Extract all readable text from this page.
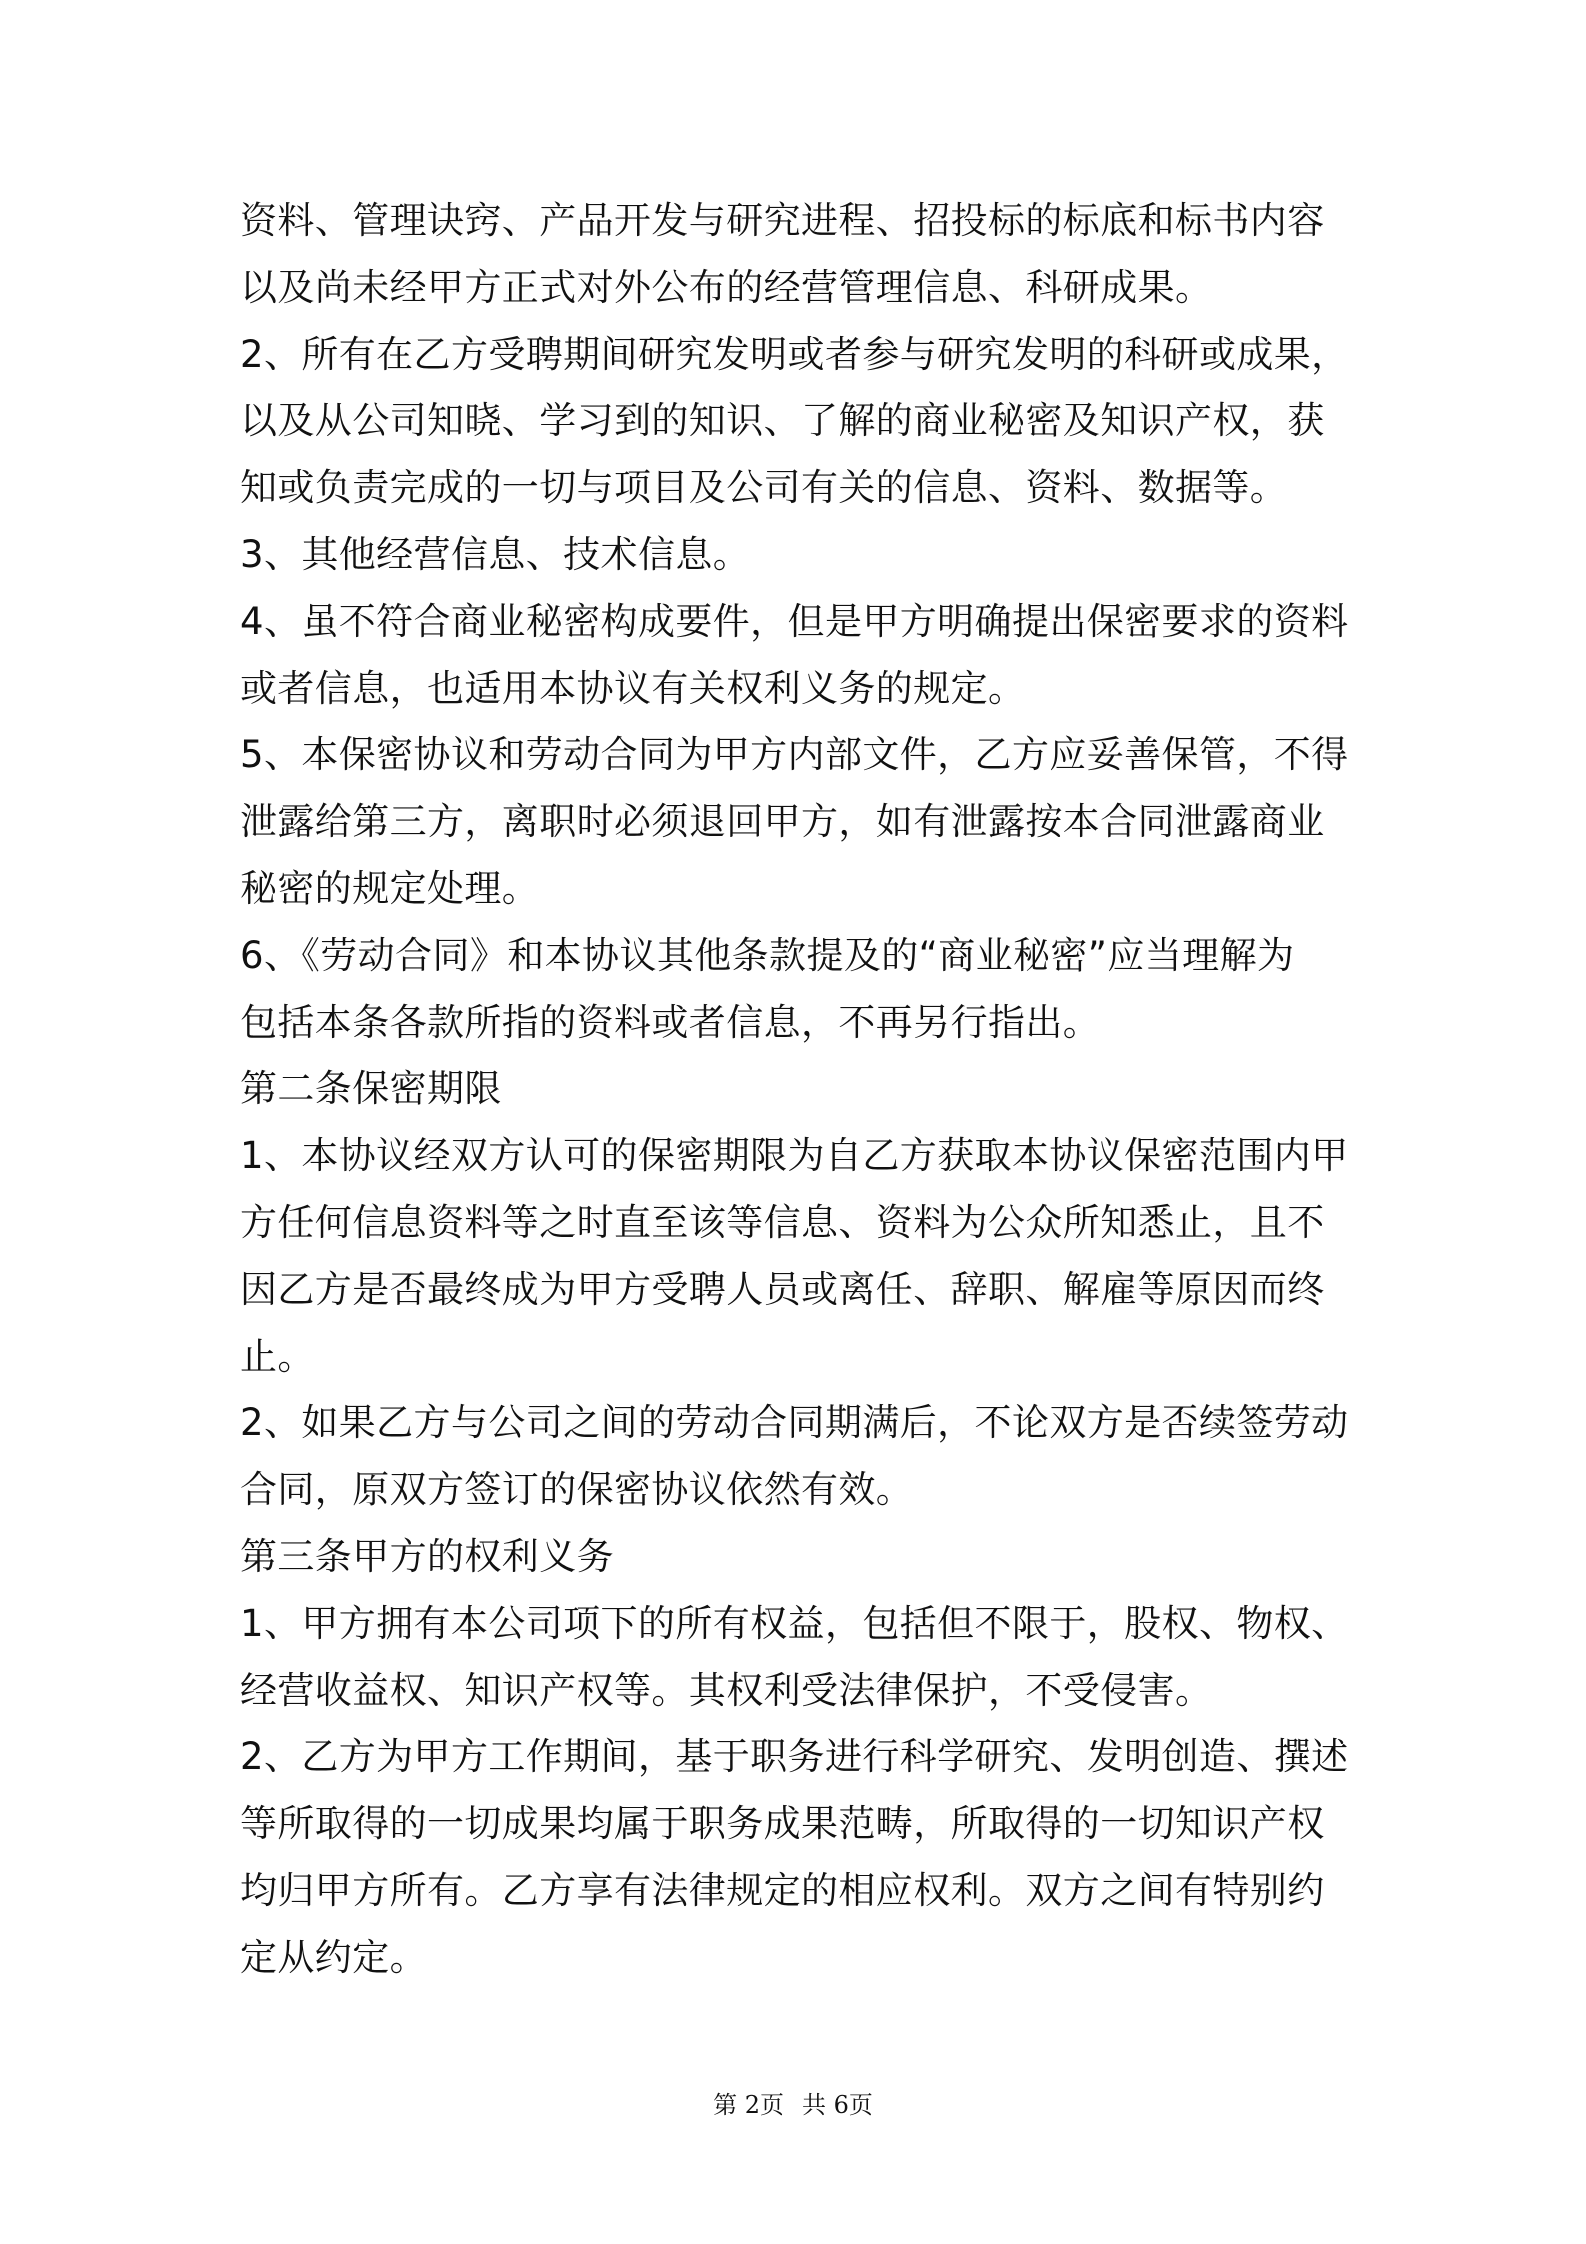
资料、管理诀窍、产品开发与研究进程、招投标的标底和标书内容
以及尚未经甲方正式对外公布的经营管理信息、科研成果。
2、所有在乙方受聘期间研究发明或者参与研究发明的科研或成果，
以及从公司知晓、学习到的知识、了解的商业秘密及知识产权，获
知或负责完成的一切与项目及公司有关的信息、资料、数据等。
3、其他经营信息、技术信息。
4、虽不符合商业秘密构成要件，但是甲方明确提出保密要求的资料
或者信息，也适用本协议有关权利义务的规定。
5、本保密协议和劳动合同为甲方内部文件，乙方应妥善保管，不得
泄露给第三方，离职时必须退回甲方，如有泄露按本合同泄露商业
秘密的规定处理。
6、《劳动合同》和本协议其他条款提及的“商业秘密”应当理解为
包括本条各款所指的资料或者信息，不再另行指出。
第二条保密期限
1、本协议经双方认可的保密期限为自乙方获取本协议保密范围内甲
方任何信息资料等之时直至该等信息、资料为公众所知悉止，且不
因乙方是否最终成为甲方受聘人员或离任、辞职、解雇等原因而终
止。
2、如果乙方与公司之间的劳动合同期满后，不论双方是否续签劳动
合同，原双方签订的保密协议依然有效。
第三条甲方的权利义务
1、甲方拥有本公司项下的所有权益，包括但不限于，股权、物权、
经营收益权、知识产权等。其权利受法律保护，不受侵害。
2、乙方为甲方工作期间，基于职务进行科学研究、发明创造、撰述
等所取得的一切成果均属于职务成果范畴，所取得的一切知识产权
均归甲方所有。乙方享有法律规定的相应权利。双方之间有特别约
定从约定。
第 2页 共 6页
